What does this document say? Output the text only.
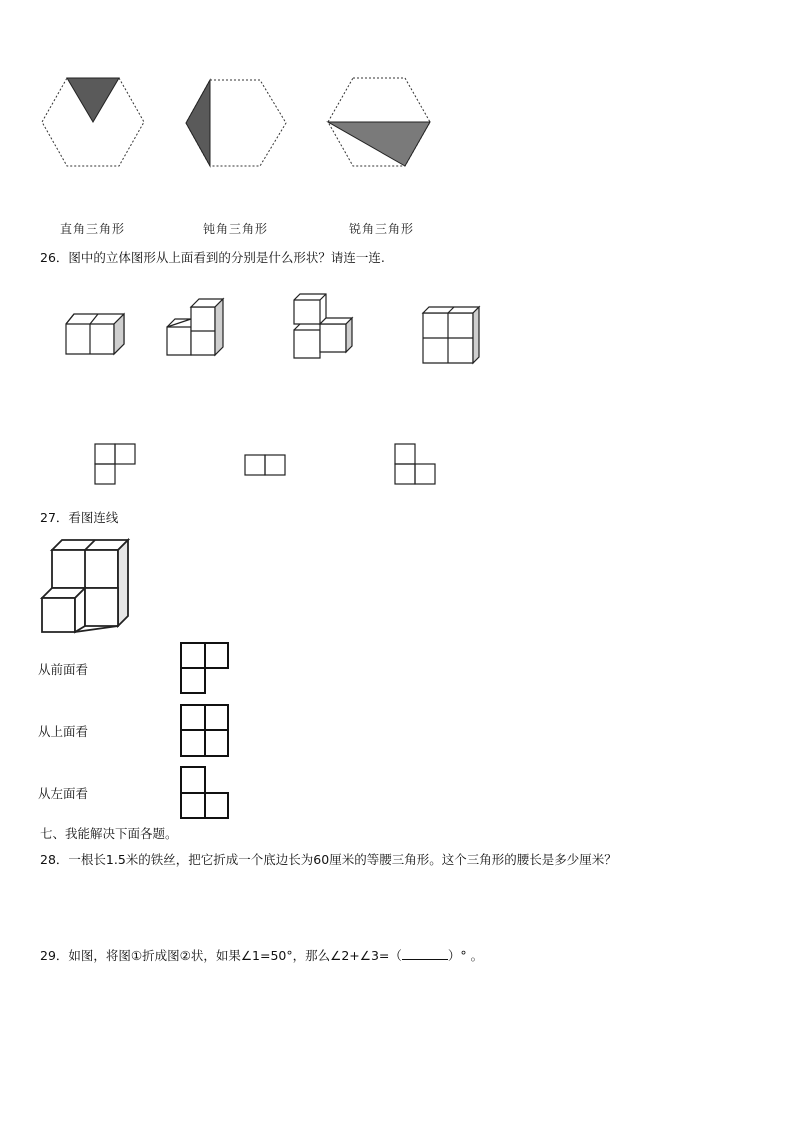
直角三角形	钝角三角形	锐角三角形
26．图中的立体图形从上面看到的分别是什么形状？请连一连.
27．看图连线
从前面看
从上面看
从左面看
七、我能解决下面各题。
28．一根长1.5米的铁丝，把它折成一个底边长为60厘米的等腰三角形。这个三角形的腰长是多少厘米？
29．如图，将图①折成图②状，如果∠1=50°，那么∠2+∠3=（	）° 。
